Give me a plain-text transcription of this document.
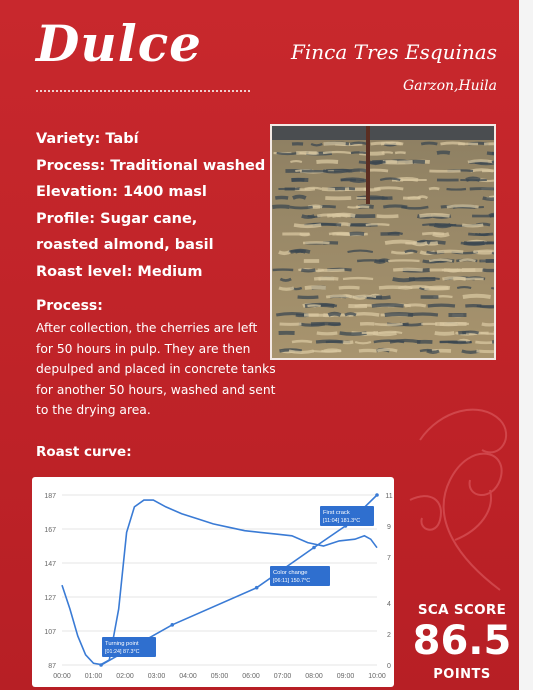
Dulce	Finca Tres Esquinas
Garzon,Huila
Variety: Tabí
Process: Traditional washed
Elevation: 1400 masl
Profile: Sugar cane,
roasted almond, basil
Roast level: Medium
Process:
After collection, the cherries are left for 50 hours in pulp. They are then depulped and placed in concrete tanks for another 50 hours, washed and sent to the drying area.
Roast curve:
87
107
127
147
167
187
0
2
4
7
9
11
00:00 01:00 02:00 03:00 04:00 05:00 06:00 07:00 08:00 09:00 10:00
Turning point
[01:24] 87.3°C
Color change
[06:11] 150.7°C
First crack
[11:04] 181.3°C
SCA SCORE
86.5
POINTS
